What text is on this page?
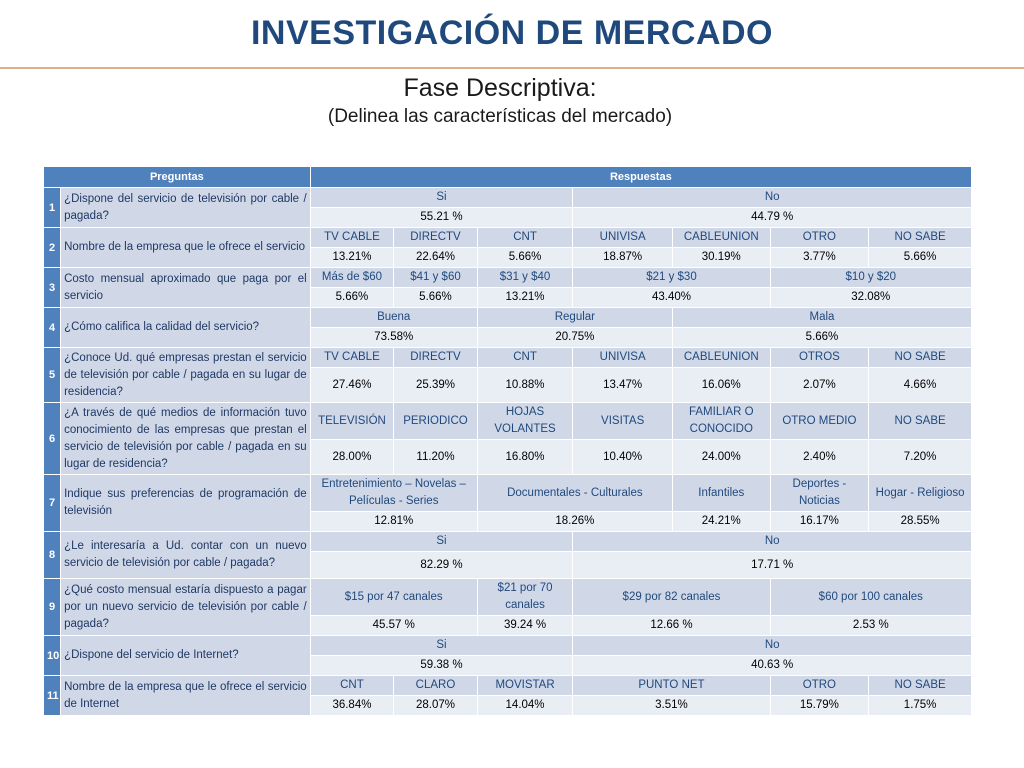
INVESTIGACIÓN DE MERCADO
Fase Descriptiva:
(Delinea las características del mercado)
Preguntas		Respuestas						
1	¿Dispone del servicio de televisión por cable / pagada?	Si			No			
		55.21 %			44.79 %			
2	Nombre de la empresa que le ofrece el servicio	TV CABLE	DIRECTV	CNT	UNIVISA	CABLEUNION	OTRO	NO SABE
		13.21%	22.64%	5.66%	18.87%	30.19%	3.77%	5.66%
3	Costo mensual aproximado que paga por el servicio	Más de $60	$41 y $60	$31 y $40	$21 y $30		$10 y $20	
		5.66%	5.66%	13.21%	43.40%		32.08%	
4	¿Cómo califica la calidad del servicio?	Buena		Regular		Mala		
		73.58%		20.75%		5.66%		
5	¿Conoce Ud. qué empresas prestan el servicio de televisión por cable / pagada en su lugar de residencia?	TV CABLE	DIRECTV	CNT	UNIVISA	CABLEUNION	OTROS	NO SABE
		27.46%	25.39%	10.88%	13.47%	16.06%	2.07%	4.66%
6	¿A través de qué medios de información tuvo conocimiento de las empresas que prestan el servicio de televisión por cable / pagada en su lugar de residencia?	TELEVISIÓN	PERIODICO	HOJAS VOLANTES	VISITAS	FAMILIAR O CONOCIDO	OTRO MEDIO	NO SABE
		28.00%	11.20%	16.80%	10.40%	24.00%	2.40%	7.20%
7	Indique sus preferencias de programación de televisión	Entretenimiento – Novelas – Películas - Series		Documentales - Culturales		Infantiles	Deportes - Noticias	Hogar - Religioso
		12.81%		18.26%		24.21%	16.17%	28.55%
8	¿Le interesaría a Ud. contar con un nuevo servicio de televisión por cable / pagada?	Si			No			
		82.29 %			17.71 %			
9	¿Qué costo mensual estaría dispuesto a pagar por un nuevo servicio de televisión por cable / pagada?	$15 por 47 canales		$21 por 70 canales	$29 por 82 canales		$60 por 100 canales	
		45.57 %		39.24 %	12.66 %		2.53 %	
10	¿Dispone del servicio de Internet?	Si			No			
		59.38 %			40.63 %			
11	Nombre de la empresa que le ofrece el servicio de Internet	CNT	CLARO	MOVISTAR	PUNTO NET		OTRO	NO SABE
		36.84%	28.07%	14.04%	3.51%		15.79%	1.75%
